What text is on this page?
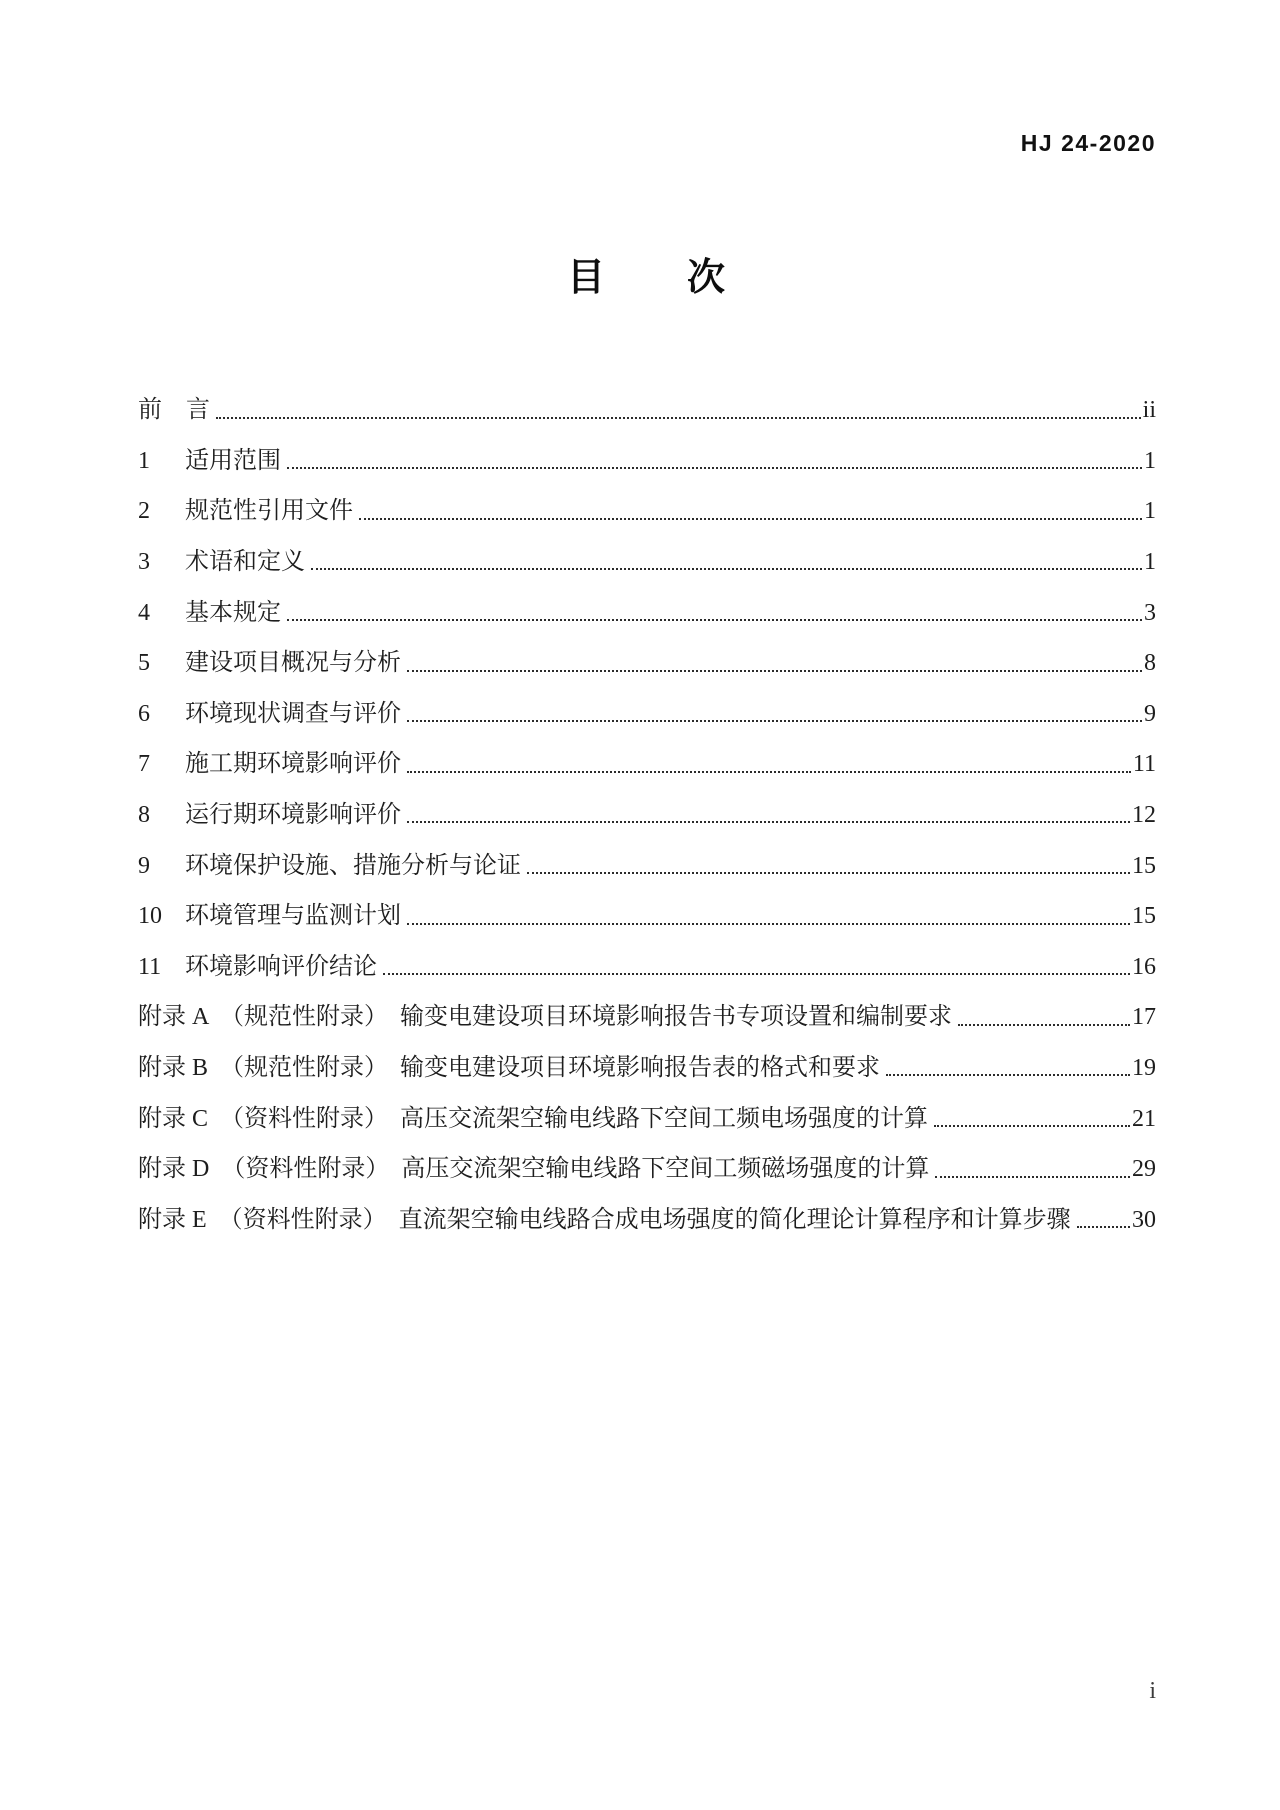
HJ 24-2020
目　　次
前　言	ii
1	适用范围	1
2	规范性引用文件	1
3	术语和定义	1
4	基本规定	3
5	建设项目概况与分析	8
6	环境现状调查与评价	9
7	施工期环境影响评价	11
8	运行期环境影响评价	12
9	环境保护设施、措施分析与论证	15
10 环境管理与监测计划	15
11 环境影响评价结论	16
附录 A　（规范性附录）　输变电建设项目环境影响报告书专项设置和编制要求	17
附录 B　（规范性附录）　输变电建设项目环境影响报告表的格式和要求	19
附录 C　（资料性附录）　高压交流架空输电线路下空间工频电场强度的计算	21
附录 D　（资料性附录）　高压交流架空输电线路下空间工频磁场强度的计算	29
附录 E　（资料性附录）　直流架空输电线路合成电场强度的简化理论计算程序和计算步骤	30
i
